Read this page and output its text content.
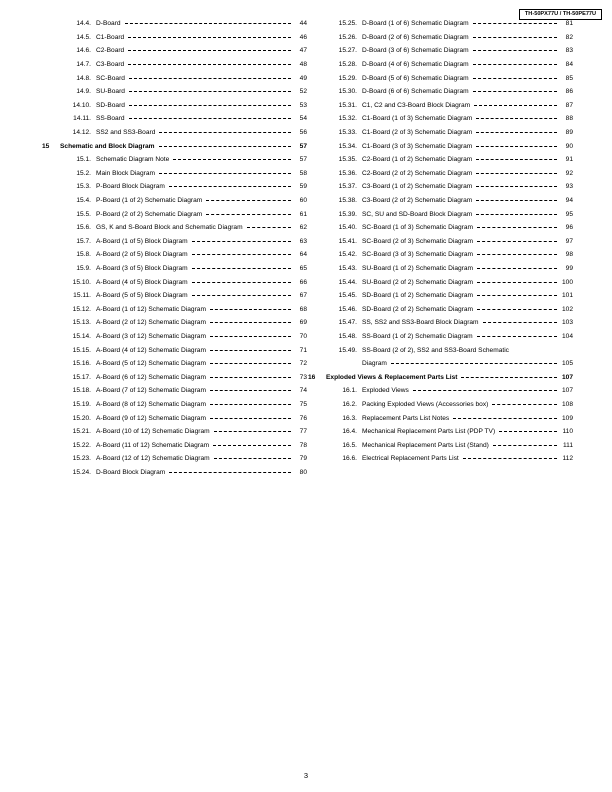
TH-50PX77U / TH-50PE77U
14.4. D-Board	44
14.5. C1-Board	46
14.6. C2-Board	47
14.7. C3-Board	48
14.8. SC-Board	49
14.9. SU-Board	52
14.10. SD-Board	53
14.11. SS-Board	54
14.12. SS2 and SS3-Board	56
15	Schematic and Block Diagram	57
15.1. Schematic Diagram Note	57
15.2. Main Block Diagram	58
15.3. P-Board Block Diagram	59
15.4. P-Board (1 of 2) Schematic Diagram	60
15.5. P-Board (2 of 2) Schematic Diagram	61
15.6. GS, K and S-Board Block and Schematic Diagram	62
15.7. A-Board (1 of 5) Block Diagram	63
15.8. A-Board (2 of 5) Block Diagram	64
15.9. A-Board (3 of 5) Block Diagram	65
15.10. A-Board (4 of 5) Block Diagram	66
15.11. A-Board (5 of 5) Block Diagram	67
15.12. A-Board (1 of 12) Schematic Diagram	68
15.13. A-Board (2 of 12) Schematic Diagram	69
15.14. A-Board (3 of 12) Schematic Diagram	70
15.15. A-Board (4 of 12) Schematic Diagram	71
15.16. A-Board (5 of 12) Schematic Diagram	72
15.17. A-Board (6 of 12) Schematic Diagram	73
15.18. A-Board (7 of 12) Schematic Diagram	74
15.19. A-Board (8 of 12) Schematic Diagram	75
15.20. A-Board (9 of 12) Schematic Diagram	76
15.21. A-Board (10 of 12) Schematic Diagram	77
15.22. A-Board (11 of 12) Schematic Diagram	78
15.23. A-Board (12 of 12) Schematic Diagram	79
15.24. D-Board Block Diagram	80
15.25. D-Board (1 of 6) Schematic Diagram	81
15.26. D-Board (2 of 6) Schematic Diagram	82
15.27. D-Board (3 of 6) Schematic Diagram	83
15.28. D-Board (4 of 6) Schematic Diagram	84
15.29. D-Board (5 of 6) Schematic Diagram	85
15.30. D-Board (6 of 6) Schematic Diagram	86
15.31. C1, C2 and C3-Board Block Diagram	87
15.32. C1-Board (1 of 3) Schematic Diagram	88
15.33. C1-Board (2 of 3) Schematic Diagram	89
15.34. C1-Board (3 of 3) Schematic Diagram	90
15.35. C2-Board (1 of 2) Schematic Diagram	91
15.36. C2-Board (2 of 2) Schematic Diagram	92
15.37. C3-Board (1 of 2) Schematic Diagram	93
15.38. C3-Board (2 of 2) Schematic Diagram	94
15.39. SC, SU and SD-Board Block Diagram	95
15.40. SC-Board (1 of 3) Schematic Diagram	96
15.41. SC-Board (2 of 3) Schematic Diagram	97
15.42. SC-Board (3 of 3) Schematic Diagram	98
15.43. SU-Board (1 of 2) Schematic Diagram	99
15.44. SU-Board (2 of 2) Schematic Diagram	100
15.45. SD-Board (1 of 2) Schematic Diagram	101
15.46. SD-Board (2 of 2) Schematic Diagram	102
15.47. SS, SS2 and SS3-Board Block Diagram	103
15.48. SS-Board (1 of 2) Schematic Diagram	104
15.49. SS-Board (2 of 2), SS2 and SS3-Board Schematic
Diagram	105
16	Exploded Views & Replacement Parts List	107
16.1. Exploded Views	107
16.2. Packing Exploded Views (Accessories box)	108
16.3. Replacement Parts List Notes	109
16.4. Mechanical Replacement Parts List (PDP TV)	110
16.5. Mechanical Replacement Parts List (Stand)	111
16.6. Electrical Replacement Parts List	112
3
